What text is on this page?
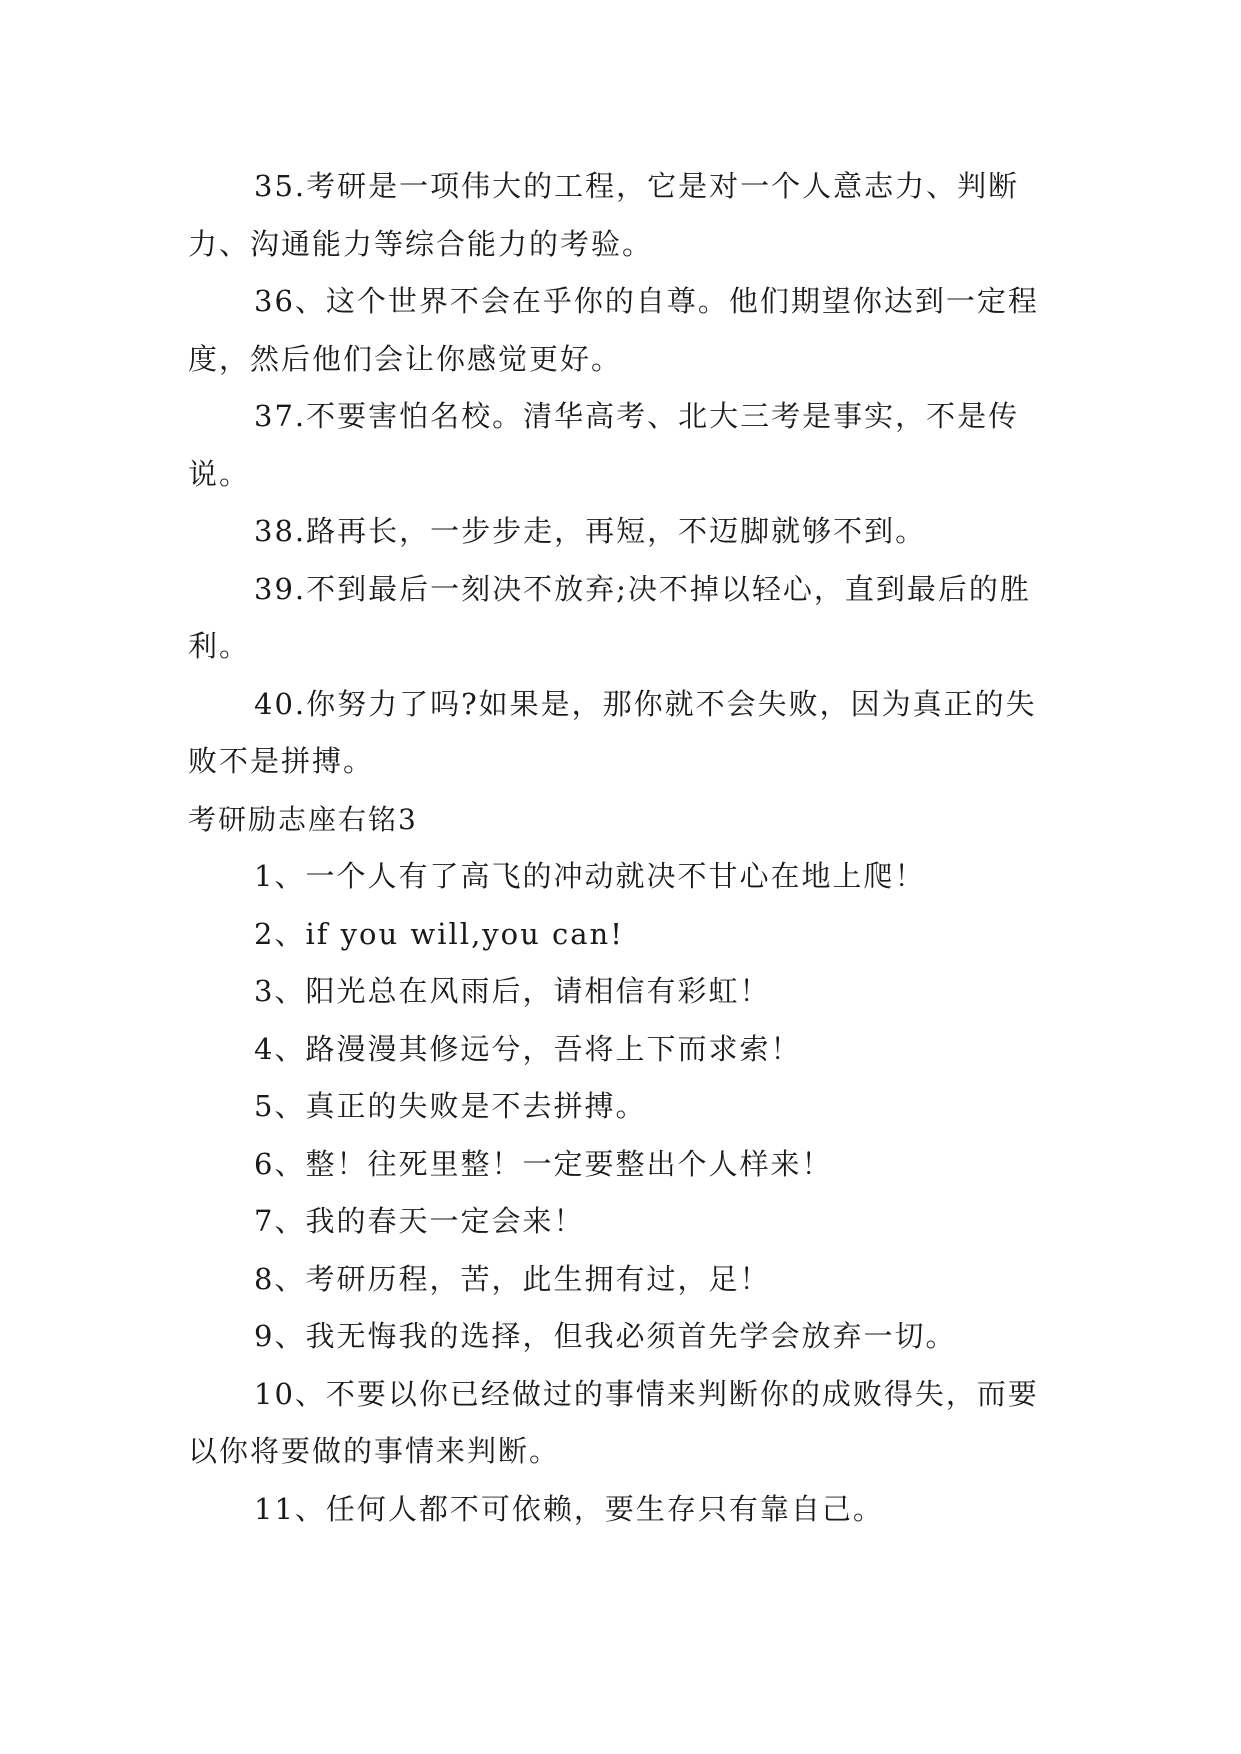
35.考研是一项伟大的工程，它是对一个人意志力、判断力、沟通能力等综合能力的考验。

36、这个世界不会在乎你的自尊。他们期望你达到一定程度，然后他们会让你感觉更好。

37.不要害怕名校。清华高考、北大三考是事实，不是传说。

38.路再长，一步步走，再短，不迈脚就够不到。

39.不到最后一刻决不放弃;决不掉以轻心，直到最后的胜利。

40.你努力了吗?如果是，那你就不会失败，因为真正的失败不是拼搏。

考研励志座右铭3

1、一个人有了高飞的冲动就决不甘心在地上爬！

2、if you will,you can!

3、阳光总在风雨后，请相信有彩虹！

4、路漫漫其修远兮，吾将上下而求索！

5、真正的失败是不去拼搏。

6、整！往死里整！一定要整出个人样来！

7、我的春天一定会来！

8、考研历程，苦，此生拥有过，足！

9、我无悔我的选择，但我必须首先学会放弃一切。

10、不要以你已经做过的事情来判断你的成败得失，而要以你将要做的事情来判断。

11、任何人都不可依赖，要生存只有靠自己。
